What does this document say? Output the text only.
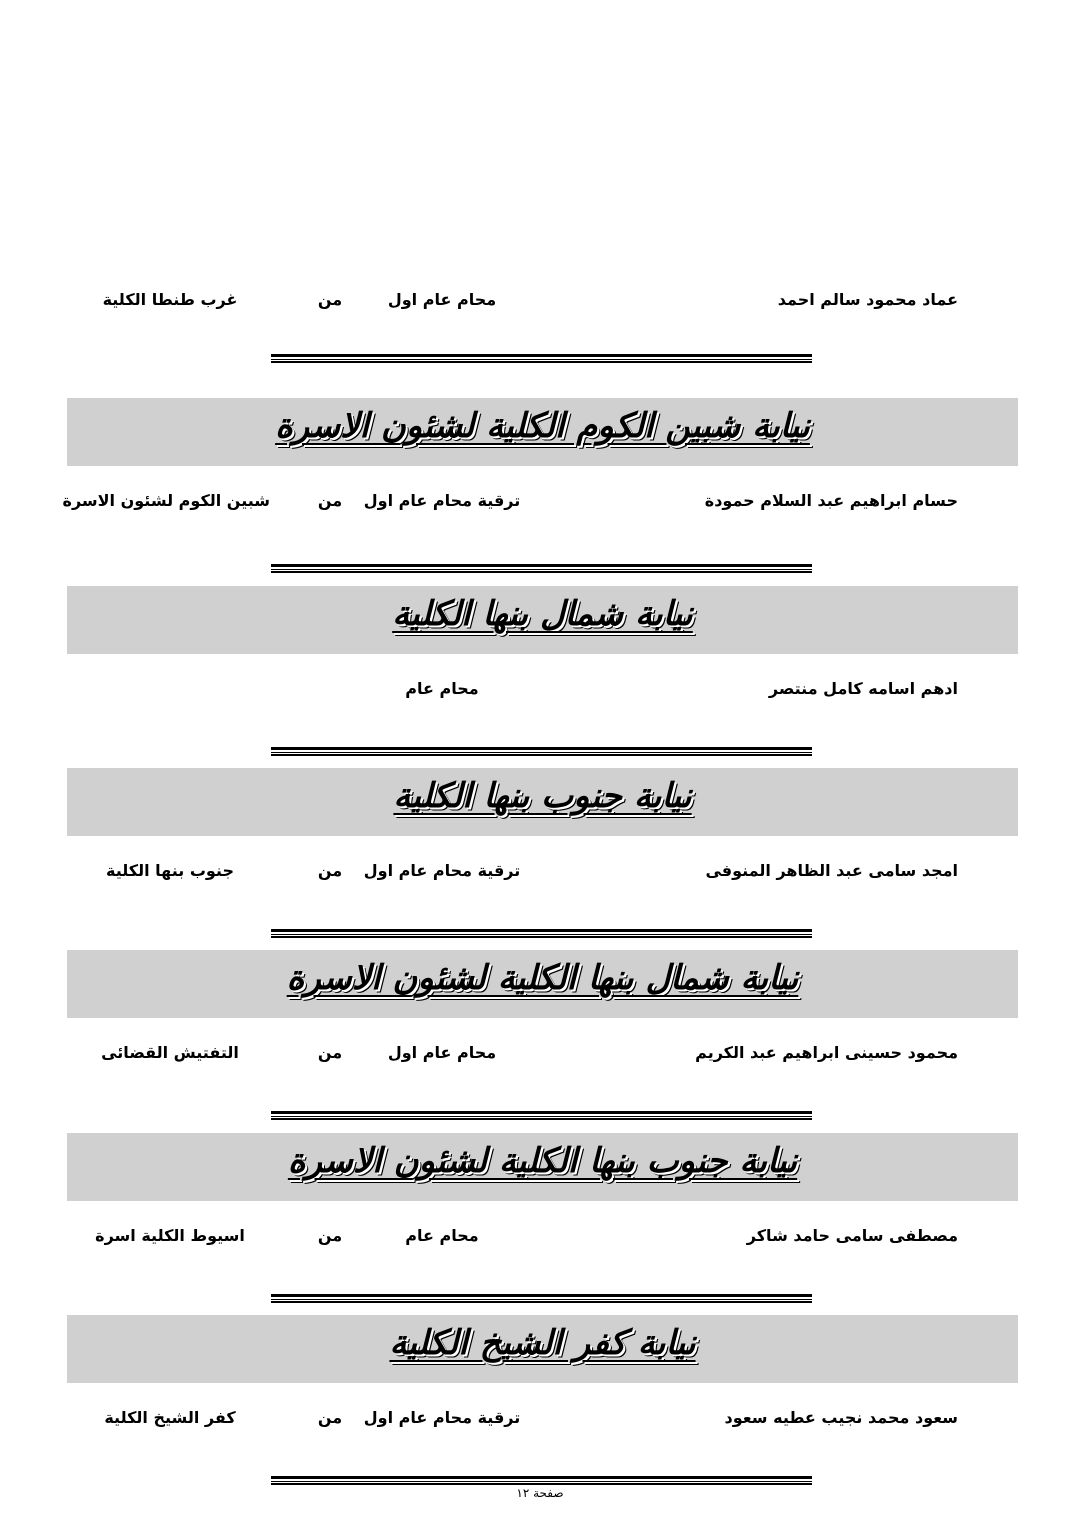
عماد محمود سالم احمد
محام عام اول
من
غرب طنطا الكلية
نيابة شبين الكوم الكلية لشئون الاسرة
حسام ابراهيم عبد السلام حمودة
ترقية محام عام اول
من
شبين الكوم لشئون الاسرة
نيابة شمال بنها الكلية
ادهم اسامه كامل منتصر
محام عام
نيابة جنوب بنها الكلية
امجد سامى عبد الظاهر المنوفى
ترقية محام عام اول
من
جنوب بنها الكلية
نيابة شمال بنها الكلية لشئون الاسرة
محمود حسينى ابراهيم عبد الكريم
محام عام اول
من
التفتيش القضائى
نيابة جنوب بنها الكلية لشئون الاسرة
مصطفى سامى حامد شاكر
محام عام
من
اسيوط الكلية اسرة
نيابة كفر الشيخ الكلية
سعود محمد نجيب عطيه سعود
ترقية محام عام اول
من
كفر الشيخ الكلية
صفحة ١٢
